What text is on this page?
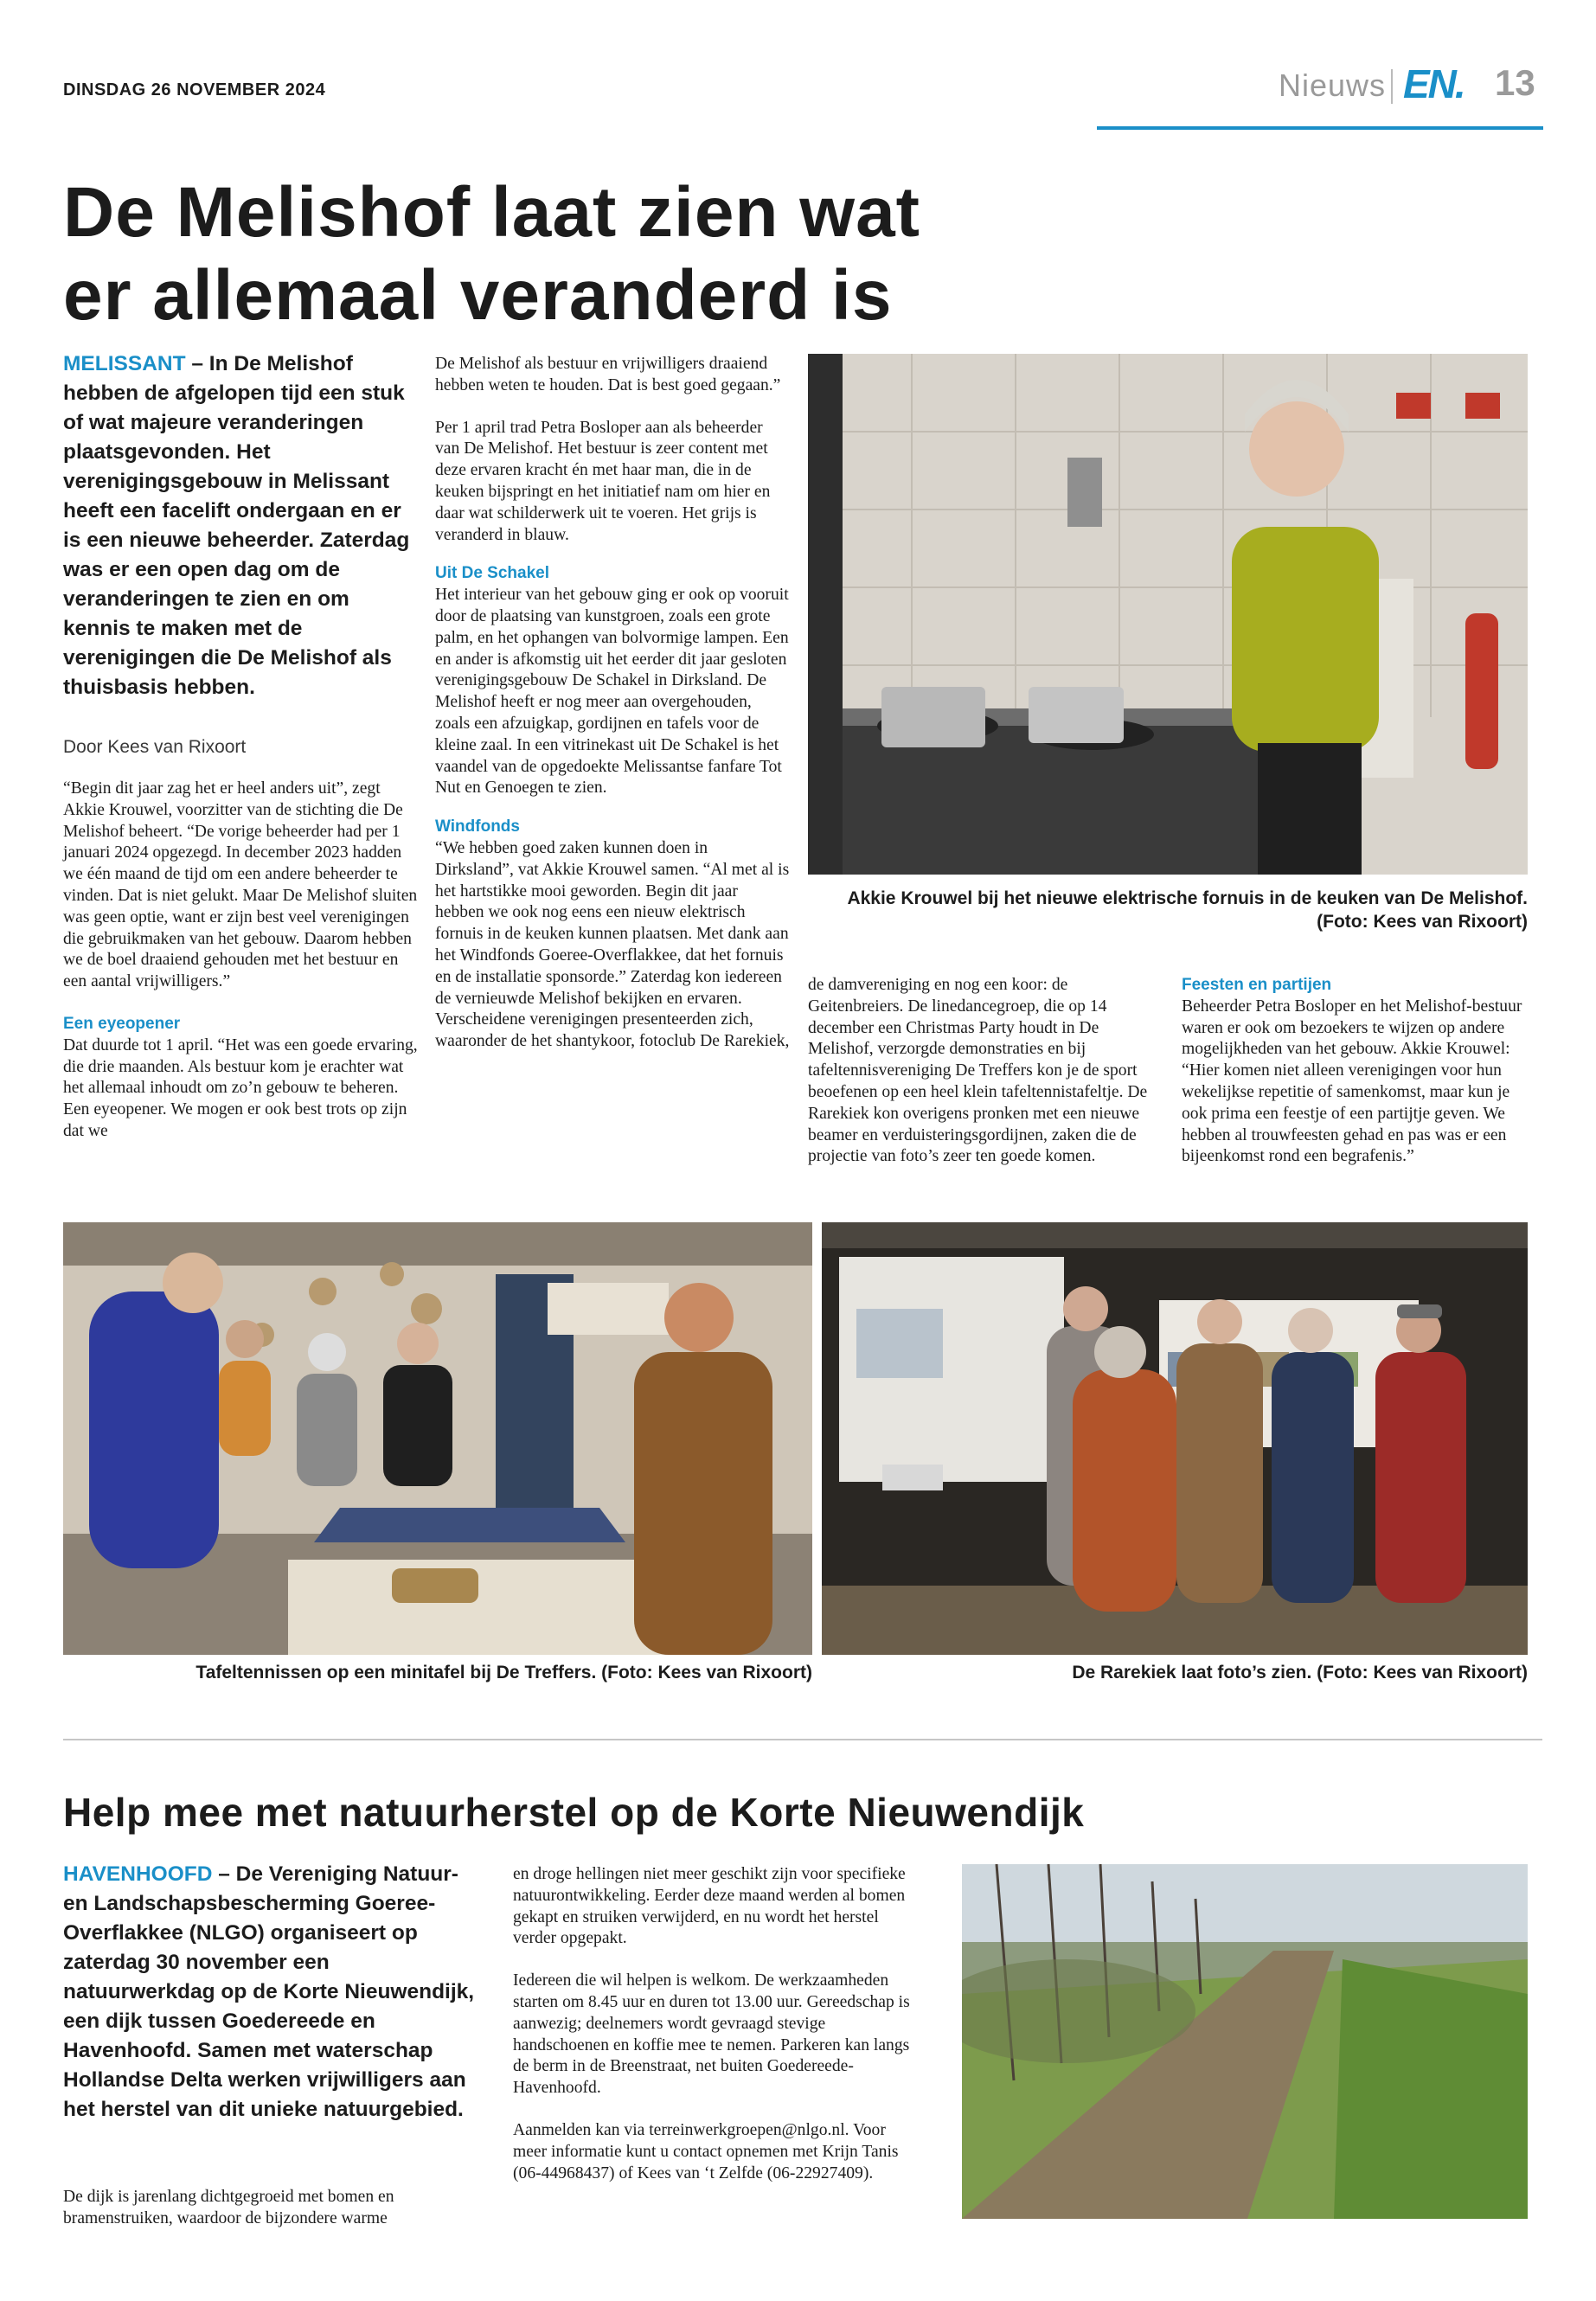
DINSDAG 26 NOVEMBER 2024	Nieuws EN. 13
De Melishof laat zien wat
er allemaal veranderd is
MELISSANT – In De Melishof hebben de afgelopen tijd een stuk of wat majeure veranderingen plaatsgevonden. Het verenigingsgebouw in Melissant heeft een facelift ondergaan en er is een nieuwe beheerder. Zaterdag was er een open dag om de veranderingen te zien en om kennis te maken met de verenigingen die De Melishof als thuisbasis hebben.
Door Kees van Rixoort

“Begin dit jaar zag het er heel anders uit”, zegt Akkie Krouwel, voorzitter van de stichting die De Melishof beheert. “De vorige beheerder had per 1 januari 2024 opgezegd. In december 2023 hadden we één maand de tijd om een andere beheerder te vinden. Dat is niet gelukt. Maar De Melishof sluiten was geen optie, want er zijn best veel verenigingen die gebruikmaken van het gebouw. Daarom hebben we de boel draaiend gehouden met het bestuur en een aantal vrijwilligers.”

Een eyeopener

Dat duurde tot 1 april. “Het was een goede ervaring, die drie maanden. Als bestuur kom je erachter wat het allemaal inhoudt om zo’n gebouw te beheren. Een eyeopener. We mogen er ook best trots op zijn dat we

De Melishof als bestuur en vrijwilligers draaiend hebben weten te houden. Dat is best goed gegaan.”

Per 1 april trad Petra Bosloper aan als beheerder van De Melishof. Het bestuur is zeer content met deze ervaren kracht én met haar man, die in de keuken bijspringt en het initiatief nam om hier en daar wat schilderwerk uit te voeren. Het grijs is veranderd in blauw.

Uit De Schakel

Het interieur van het gebouw ging er ook op vooruit door de plaatsing van kunstgroen, zoals een grote palm, en het ophangen van bolvormige lampen. Een en ander is afkomstig uit het eerder dit jaar gesloten verenigingsgebouw De Schakel in Dirksland. De Melishof heeft er nog meer aan overgehouden, zoals een afzuigkap, gordijnen en tafels voor de kleine zaal. In een vitrinekast uit De Schakel is het vaandel van de opgedoekte Melissantse fanfare Tot Nut en Genoegen te zien.

Windfonds

“We hebben goed zaken kunnen doen in Dirksland”, vat Akkie Krouwel samen. “Al met al is het hartstikke mooi geworden. Begin dit jaar hebben we ook nog eens een nieuw elektrisch fornuis in de keuken kunnen plaatsen. Met dank aan het Windfonds Goeree-Overflakkee, dat het fornuis en de installatie sponsorde.” Zaterdag kon iedereen de vernieuwde Melishof bekijken en ervaren. Verscheidene verenigingen presenteerden zich, waaronder de het shantykoor, fotoclub De Rarekiek,

Akkie Krouwel bij het nieuwe elektrische fornuis in de keuken van De Melishof.
(Foto: Kees van Rixoort)

de damvereniging en nog een koor: de Geitenbreiers. De linedancegroep, die op 14 december een Christmas Party houdt in De Melishof, verzorgde demonstraties en bij tafeltennisvereniging De Treffers kon je de sport beoefenen op een heel klein tafeltennistafeltje. De Rarekiek kon overigens pronken met een nieuwe beamer en verduisteringsgordijnen, zaken die de projectie van foto’s zeer ten goede komen.

Feesten en partijen

Beheerder Petra Bosloper en het Melishof-bestuur waren er ook om bezoekers te wijzen op andere mogelijkheden van het gebouw. Akkie Krouwel: “Hier komen niet alleen verenigingen voor hun wekelijkse repetitie of samenkomst, maar kun je ook prima een feestje of een partijtje geven. We hebben al trouwfeesten gehad en pas was er een bijeenkomst rond een begrafenis.”

Tafeltennissen op een minitafel bij De Treffers. (Foto: Kees van Rixoort)	De Rarekiek laat foto’s zien. (Foto: Kees van Rixoort)
Help mee met natuurherstel op de Korte Nieuwendijk
HAVENHOOFD – De Vereniging Natuur- en Landschapsbescherming Goeree-Overflakkee (NLGO) organiseert op zaterdag 30 november een natuurwerkdag op de Korte Nieuwendijk, een dijk tussen Goedereede en Havenhoofd. Samen met waterschap Hollandse Delta werken vrijwilligers aan het herstel van dit unieke natuurgebied.

De dijk is jarenlang dichtgegroeid met bomen en bramenstruiken, waardoor de bijzondere warme

en droge hellingen niet meer geschikt zijn voor specifieke natuurontwikkeling. Eerder deze maand werden al bomen gekapt en struiken verwijderd, en nu wordt het herstel verder opgepakt.

Iedereen die wil helpen is welkom. De werkzaamheden starten om 8.45 uur en duren tot 13.00 uur. Gereedschap is aanwezig; deelnemers wordt gevraagd stevige handschoenen en koffie mee te nemen. Parkeren kan langs de berm in de Breenstraat, net buiten Goedereede-Havenhoofd.

Aanmelden kan via terreinwerkgroepen@nlgo.nl. Voor meer informatie kunt u contact opnemen met Krijn Tanis (06-44968437) of Kees van ‘t Zelfde (06-22927409).
